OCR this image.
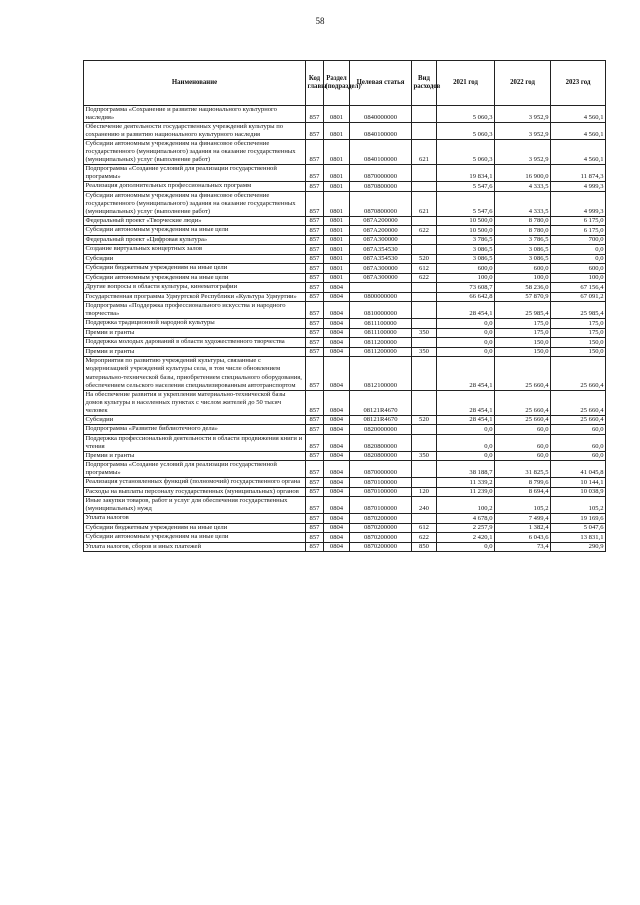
58
Наименование	Код главы	Раздел (подраздел)	Целевая статья	Вид расходов	2021 год	2022 год	2023 год
Подпрограмма «Сохранение и развитие национального культурного наследия»	857	0801	0840000000		5 060,3	3 952,9	4 560,1
Обеспечение деятельности государственных учреждений культуры по сохранению и развитию национального культурного наследия	857	0801	0840100000		5 060,3	3 952,9	4 560,1
Субсидии автономным учреждениям на финансовое обеспечение государственного (муниципального) задания на оказание государственных (муниципальных) услуг (выполнение работ)	857	0801	0840100000	621	5 060,3	3 952,9	4 560,1
Подпрограмма «Создание условий для реализации государственной программы»	857	0801	0870000000		19 834,1	16 900,0	11 874,3
Реализация дополнительных профессиональных программ	857	0801	0870800000		5 547,6	4 333,5	4 999,3
Субсидии автономным учреждениям на финансовое обеспечение государственного (муниципального) задания на оказание государственных (муниципальных) услуг (выполнение работ)	857	0801	0870800000	621	5 547,6	4 333,5	4 999,3
Федеральный проект «Творческие люди»	857	0801	087A200000		10 500,0	8 780,0	6 175,0
Субсидии автономным учреждениям на иные цели	857	0801	087A200000	622	10 500,0	8 780,0	6 175,0
Федеральный проект «Цифровая культура»	857	0801	087A300000		3 786,5	3 786,5	700,0
Создание виртуальных концертных залов	857	0801	087A354530		3 086,5	3 086,5	0,0
Субсидии	857	0801	087A354530	520	3 086,5	3 086,5	0,0
Субсидии бюджетным учреждениям на иные цели	857	0801	087A300000	612	600,0	600,0	600,0
Субсидии автономным учреждениям на иные цели	857	0801	087A300000	622	100,0	100,0	100,0
Другие вопросы в области культуры, кинематографии	857	0804			73 608,7	58 236,0	67 156,4
Государственная программа Удмуртской Республики «Культура Удмуртии»	857	0804	0800000000		66 642,8	57 870,9	67 091,2
Подпрограмма «Поддержка профессионального искусства и народного творчества»	857	0804	0810000000		28 454,1	25 985,4	25 985,4
Поддержка традиционной народной культуры	857	0804	0811100000		0,0	175,0	175,0
Премии и гранты	857	0804	0811100000	350	0,0	175,0	175,0
Поддержка молодых дарований в области художественного творчества	857	0804	0811200000		0,0	150,0	150,0
Премии и гранты	857	0804	0811200000	350	0,0	150,0	150,0
Мероприятия по развитию учреждений культуры, связанные с модернизацией учреждений культуры села, в том числе обновлением материально-технической базы, приобретением специального оборудования, обеспечением сельского населения специализированным автотранспортом	857	0804	0812100000		28 454,1	25 660,4	25 660,4
На обеспечение развития и укрепления материально-технической базы домов культуры в населенных пунктах с числом жителей до 50 тысяч человек	857	0804	08121R4670		28 454,1	25 660,4	25 660,4
Субсидии	857	0804	08121R4670	520	28 454,1	25 660,4	25 660,4
Подпрограмма «Развитие библиотечного дела»	857	0804	0820000000		0,0	60,0	60,0
Поддержка профессиональной деятельности в области продвижения книги и чтения	857	0804	0820800000		0,0	60,0	60,0
Премии и гранты	857	0804	0820800000	350	0,0	60,0	60,0
Подпрограмма «Создание условий для реализации государственной программы»	857	0804	0870000000		38 188,7	31 825,5	41 045,8
Реализация установленных функций (полномочий) государственного органа	857	0804	0870100000		11 339,2	8 799,6	10 144,1
Расходы на выплаты персоналу государственных (муниципальных) органов	857	0804	0870100000	120	11 239,0	8 694,4	10 038,9
Иные закупки товаров, работ и услуг для обеспечения государственных (муниципальных) нужд	857	0804	0870100000	240	100,2	105,2	105,2
Уплата налогов	857	0804	0870200000		4 678,0	7 499,4	19 169,6
Субсидии бюджетным учреждениям на иные цели	857	0804	0870200000	612	2 257,9	1 382,4	5 047,6
Субсидии автономным учреждениям на иные цели	857	0804	0870200000	622	2 420,1	6 043,6	13 831,1
Уплата налогов, сборов и иных платежей	857	0804	0870200000	850	0,0	73,4	290,9
